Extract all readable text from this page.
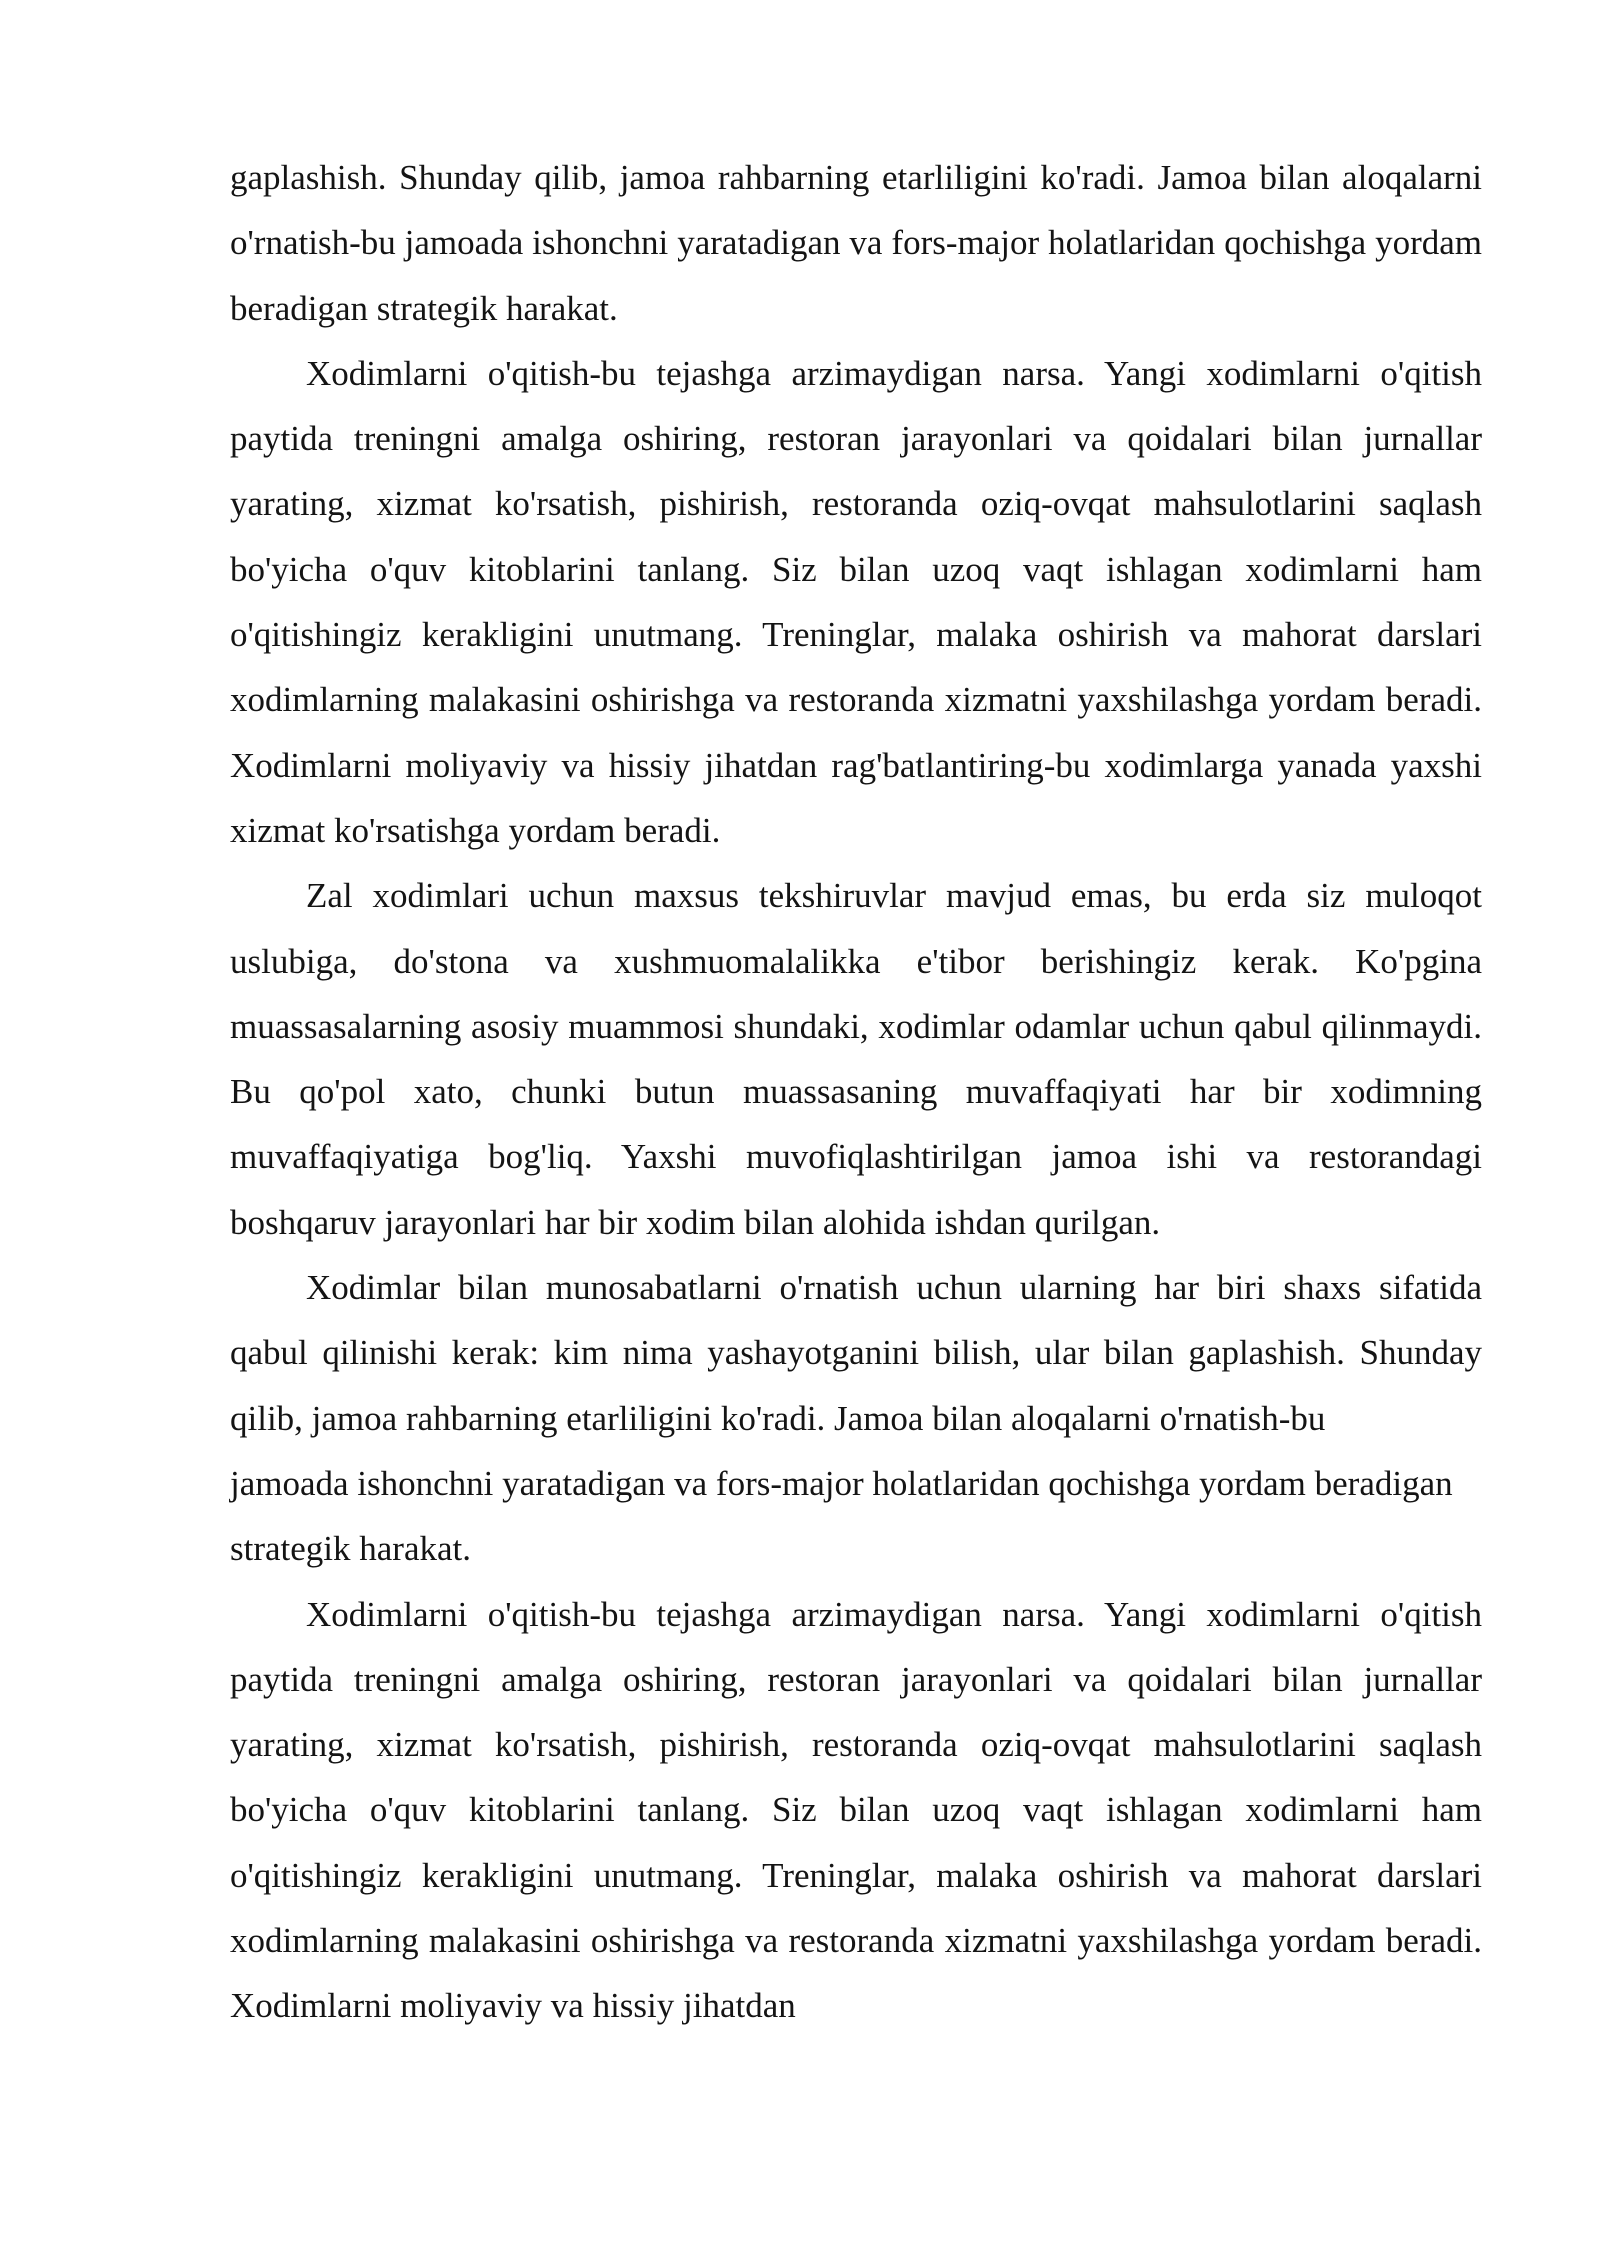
gaplashish. Shunday qilib, jamoa rahbarning etarliligini ko'radi. Jamoa bilan aloqalarni o'rnatish-bu jamoada ishonchni yaratadigan va fors-major holatlaridan qochishga yordam beradigan strategik harakat.

Xodimlarni o'qitish-bu tejashga arzimaydigan narsa. Yangi xodimlarni o'qitish paytida treningni amalga oshiring, restoran jarayonlari va qoidalari bilan jurnallar yarating, xizmat ko'rsatish, pishirish, restoranda oziq-ovqat mahsulotlarini saqlash bo'yicha o'quv kitoblarini tanlang. Siz bilan uzoq vaqt ishlagan xodimlarni ham o'qitishingiz kerakligini unutmang. Treninglar, malaka oshirish va mahorat darslari xodimlarning malakasini oshirishga va restoranda xizmatni yaxshilashga yordam beradi. Xodimlarni moliyaviy va hissiy jihatdan rag'batlantiring-bu xodimlarga yanada yaxshi xizmat ko'rsatishga yordam beradi.

Zal xodimlari uchun maxsus tekshiruvlar mavjud emas, bu erda siz muloqot uslubiga, do'stona va xushmuomalalikka e'tibor berishingiz kerak. Ko'pgina muassasalarning asosiy muammosi shundaki, xodimlar odamlar uchun qabul qilinmaydi. Bu qo'pol xato, chunki butun muassasaning muvaffaqiyati har bir xodimning muvaffaqiyatiga bog'liq. Yaxshi muvofiqlashtirilgan jamoa ishi va restorandagi boshqaruv jarayonlari har bir xodim bilan alohida ishdan qurilgan.

Xodimlar bilan munosabatlarni o'rnatish uchun ularning har biri shaxs sifatida qabul qilinishi kerak: kim nima yashayotganini bilish, ular bilan gaplashish. Shunday qilib, jamoa rahbarning etarliligini ko'radi. Jamoa bilan aloqalarni o'rnatish-bu

jamoada ishonchni yaratadigan va fors-major holatlaridan qochishga yordam beradigan strategik harakat.

Xodimlarni o'qitish-bu tejashga arzimaydigan narsa. Yangi xodimlarni o'qitish paytida treningni amalga oshiring, restoran jarayonlari va qoidalari bilan jurnallar yarating, xizmat ko'rsatish, pishirish, restoranda oziq-ovqat mahsulotlarini saqlash bo'yicha o'quv kitoblarini tanlang. Siz bilan uzoq vaqt ishlagan xodimlarni ham o'qitishingiz kerakligini unutmang. Treninglar, malaka oshirish va mahorat darslari xodimlarning malakasini oshirishga va restoranda xizmatni yaxshilashga yordam beradi. Xodimlarni moliyaviy va hissiy jihatdan
